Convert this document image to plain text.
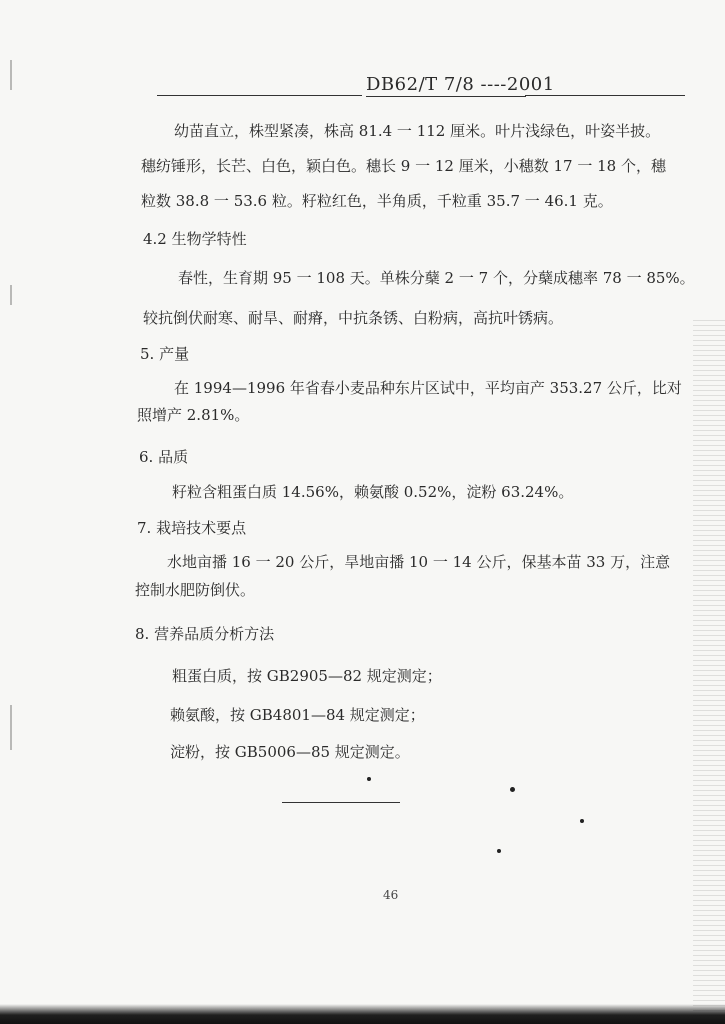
DB62/T 7/8 ----2001
幼苗直立，株型紧凑，株高 81.4 一 112 厘米。叶片浅绿色，叶姿半披。
穗纺锤形，长芒、白色，颖白色。穗长 9 一 12 厘米，小穗数 17 一 18 个，穗
粒数 38.8 一 53.6 粒。籽粒红色，半角质，千粒重 35.7 一 46.1 克。
4.2 生物学特性
春性，生育期 95 一 108 天。单株分蘖 2 一 7 个，分蘖成穗率 78 一 85%。
较抗倒伏耐寒、耐旱、耐瘠，中抗条锈、白粉病，高抗叶锈病。
5. 产量
在 1994—1996 年省春小麦品种东片区试中，平均亩产 353.27 公斤，比对
照增产 2.81%。
6. 品质
籽粒含粗蛋白质 14.56%，赖氨酸 0.52%，淀粉 63.24%。
7. 栽培技术要点
水地亩播 16 一 20 公斤，旱地亩播 10 一 14 公斤，保基本苗 33 万，注意
控制水肥防倒伏。
8. 营养品质分析方法
粗蛋白质，按 GB2905—82 规定测定；
赖氨酸，按 GB4801—84 规定测定；
淀粉，按 GB5006—85 规定测定。
46
